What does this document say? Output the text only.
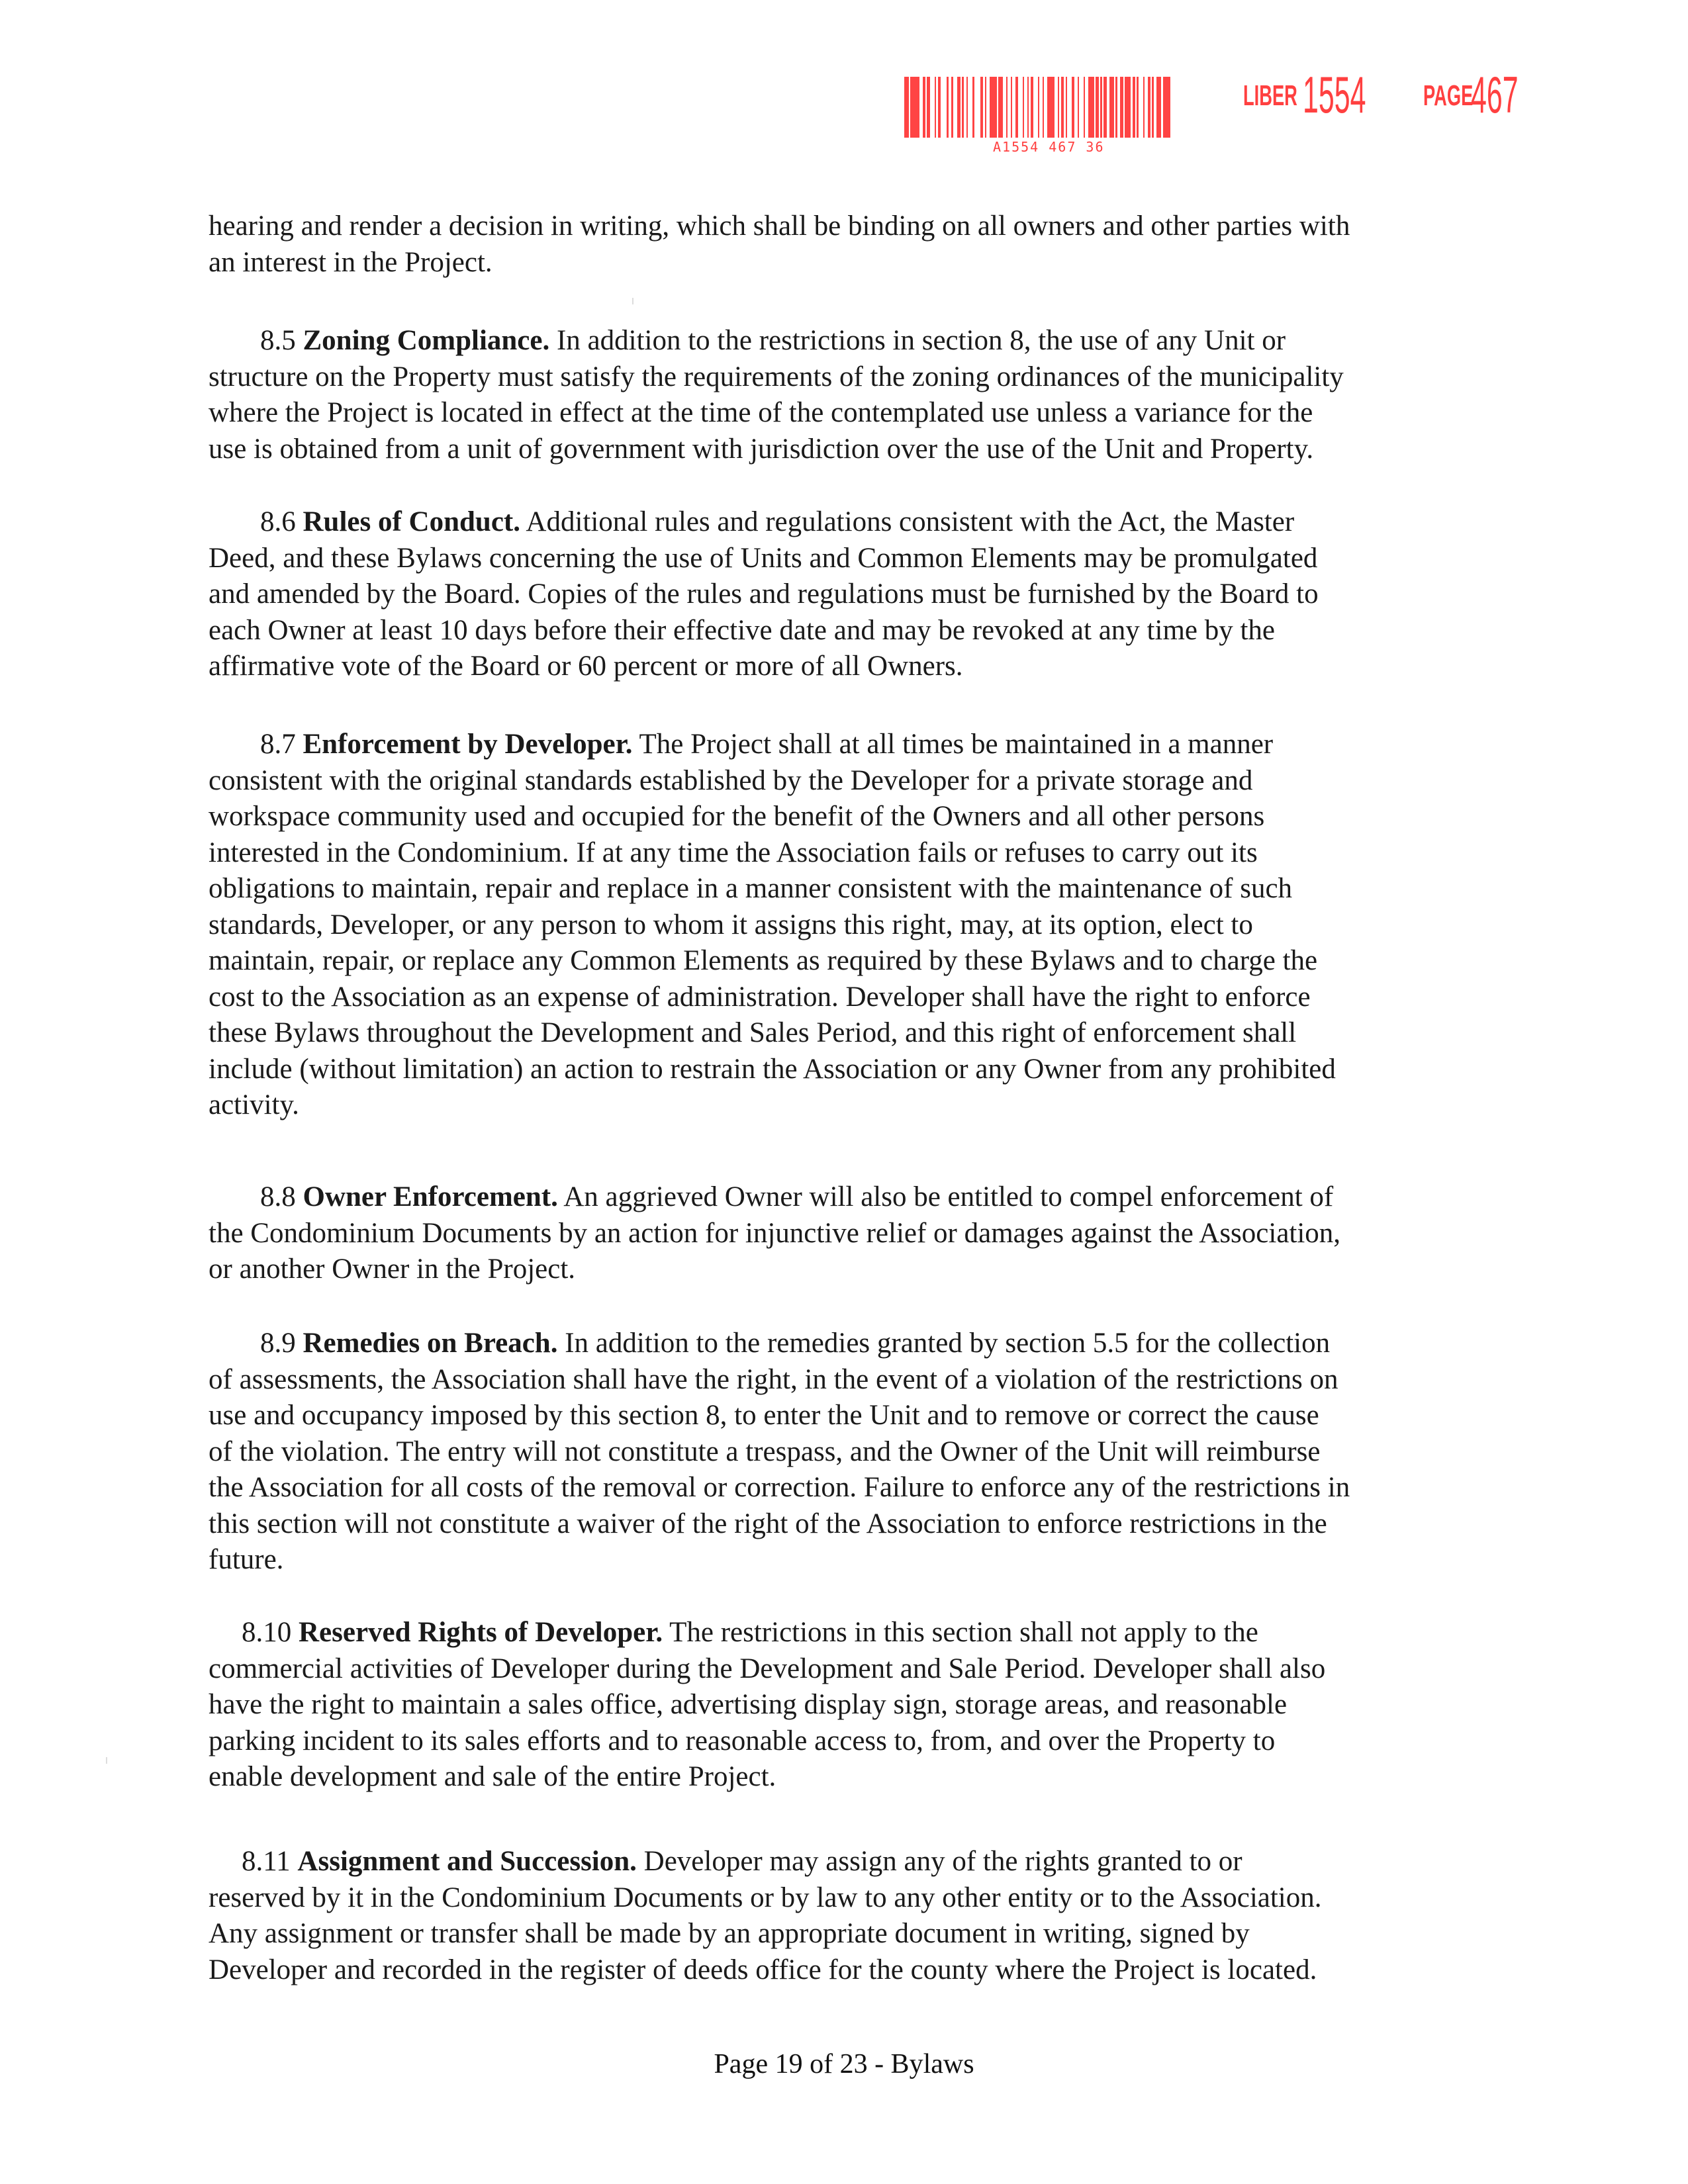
A1554 467 36
LIBER 1554 PAGE
467
hearing and render a decision in writing, which shall be binding on all owners and other parties with
an interest in the Project.
8.5 Zoning Compliance. In addition to the restrictions in section 8, the use of any Unit or
structure on the Property must satisfy the requirements of the zoning ordinances of the municipality
where the Project is located in effect at the time of the contemplated use unless a variance for the
use is obtained from a unit of government with jurisdiction over the use of the Unit and Property.
8.6 Rules of Conduct. Additional rules and regulations consistent with the Act, the Master
Deed, and these Bylaws concerning the use of Units and Common Elements may be promulgated
and amended by the Board. Copies of the rules and regulations must be furnished by the Board to
each Owner at least 10 days before their effective date and may be revoked at any time by the
affirmative vote of the Board or 60 percent or more of all Owners.
8.7 Enforcement by Developer. The Project shall at all times be maintained in a manner
consistent with the original standards established by the Developer for a private storage and
workspace community used and occupied for the benefit of the Owners and all other persons
interested in the Condominium. If at any time the Association fails or refuses to carry out its
obligations to maintain, repair and replace in a manner consistent with the maintenance of such
standards, Developer, or any person to whom it assigns this right, may, at its option, elect to
maintain, repair, or replace any Common Elements as required by these Bylaws and to charge the
cost to the Association as an expense of administration. Developer shall have the right to enforce
these Bylaws throughout the Development and Sales Period, and this right of enforcement shall
include (without limitation) an action to restrain the Association or any Owner from any prohibited
activity.
8.8 Owner Enforcement. An aggrieved Owner will also be entitled to compel enforcement of
the Condominium Documents by an action for injunctive relief or damages against the Association,
or another Owner in the Project.
8.9 Remedies on Breach. In addition to the remedies granted by section 5.5 for the collection
of assessments, the Association shall have the right, in the event of a violation of the restrictions on
use and occupancy imposed by this section 8, to enter the Unit and to remove or correct the cause
of the violation. The entry will not constitute a trespass, and the Owner of the Unit will reimburse
the Association for all costs of the removal or correction. Failure to enforce any of the restrictions in
this section will not constitute a waiver of the right of the Association to enforce restrictions in the
future.
8.10 Reserved Rights of Developer. The restrictions in this section shall not apply to the
commercial activities of Developer during the Development and Sale Period. Developer shall also
have the right to maintain a sales office, advertising display sign, storage areas, and reasonable
parking incident to its sales efforts and to reasonable access to, from, and over the Property to
enable development and sale of the entire Project.
8.11 Assignment and Succession. Developer may assign any of the rights granted to or
reserved by it in the Condominium Documents or by law to any other entity or to the Association.
Any assignment or transfer shall be made by an appropriate document in writing, signed by
Developer and recorded in the register of deeds office for the county where the Project is located.
Page 19 of 23 - Bylaws
